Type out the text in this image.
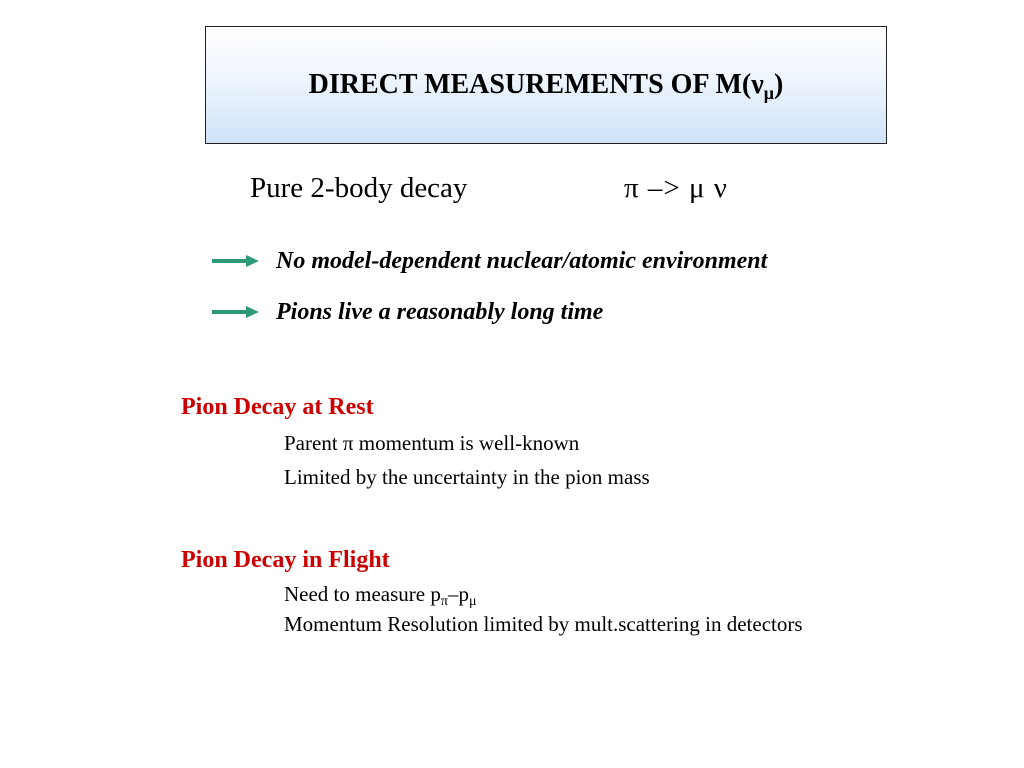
DIRECT MEASUREMENTS OF $M(\nu_\mu)$
Pure 2-body decay	π –> μ ν
No model-dependent nuclear/atomic environment
Pions live a reasonably long time
Pion Decay at Rest
Parent π momentum is well-known
Limited by the uncertainty in the pion mass
Pion Decay in Flight
Need to measure $p_\pi-p_\mu$
Momentum Resolution limited by mult.scattering in detectors
